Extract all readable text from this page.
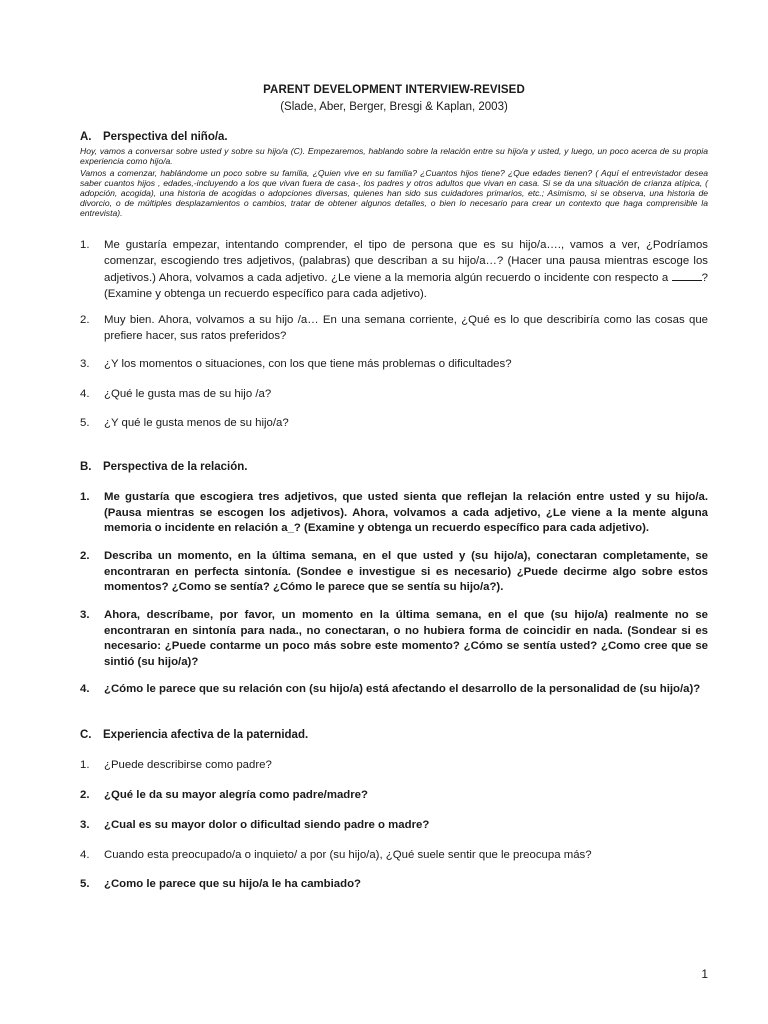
PARENT DEVELOPMENT INTERVIEW-REVISED
(Slade, Aber, Berger, Bresgi & Kaplan, 2003)
A. Perspectiva del niño/a.
Hoy, vamos a conversar sobre usted y sobre su hijo/a (C). Empezaremos, hablando sobre la relación entre su hijo/a y usted, y luego, un poco acerca de su propia experiencia como hijo/a.
Vamos a comenzar, hablándome un poco sobre su familia, ¿Quien vive en su familia? ¿Cuantos hijos tiene? ¿Que edades tienen? ( Aquí el entrevistador desea saber cuantos hijos , edades,-incluyendo a los que vivan fuera de casa-, los padres y otros adultos que vivan en casa. Si se da una situación de crianza atípica, ( adopción, acogida), una historia de acogidas o adopciones diversas, quienes han sido sus cuidadores primarios, etc.; Asimismo, si se observa, una historia de divorcio, o de múltiples desplazamientos o cambios, tratar de obtener algunos detalles, o bien lo necesario para crear un contexto que haga comprensible la entrevista).
1.	Me gustaría empezar, intentando comprender, el tipo de persona que es su hijo/a…., vamos a ver, ¿Podríamos comenzar, escogiendo tres adjetivos, (palabras) que describan a su hijo/a…? (Hacer una pausa mientras escoge los adjetivos.) Ahora, volvamos a cada adjetivo. ¿Le viene a la memoria algún recuerdo o incidente con respecto a	? (Examine y obtenga un recuerdo específico para cada adjetivo).
2.	Muy bien. Ahora, volvamos a su hijo /a… En una semana corriente, ¿Qué es lo que describiría como las cosas que prefiere hacer, sus ratos preferidos?
3.	¿Y los momentos o situaciones, con los que tiene más problemas o dificultades?
4.	¿Qué le gusta mas de su hijo /a?
5.	¿Y qué le gusta menos de su hijo/a?
B. Perspectiva de la relación.
1.	Me gustaría que escogiera tres adjetivos, que usted sienta que reflejan la relación entre usted y su hijo/a. (Pausa mientras se escogen los adjetivos). Ahora, volvamos a cada adjetivo, ¿Le viene a la mente alguna memoria o incidente en relación a_? (Examine y obtenga un recuerdo específico para cada adjetivo).
2.	Describa un momento, en la última semana, en el que usted y (su hijo/a), conectaran completamente, se encontraran en perfecta sintonía. (Sondee e investigue si es necesario) ¿Puede decirme algo sobre estos momentos? ¿Como se sentía? ¿Cómo le parece que se sentía su hijo/a?).
3.	Ahora, descríbame, por favor, un momento en la última semana, en el que (su hijo/a) realmente no se encontraran en sintonía para nada., no conectaran, o no hubiera forma de coincidir en nada. (Sondear si es necesario: ¿Puede contarme un poco más sobre este momento? ¿Cómo se sentía usted? ¿Como cree que se sintió (su hijo/a)?
4.	¿Cómo le parece que su relación con (su hijo/a) está afectando el desarrollo de la personalidad de (su hijo/a)?
C. Experiencia afectiva de la paternidad.
1.	¿Puede describirse como padre?
2.	¿Qué le da su mayor alegría como padre/madre?
3.	¿Cual es su mayor dolor o dificultad siendo padre o madre?
4.	Cuando esta preocupado/a o inquieto/ a por (su hijo/a), ¿Qué suele sentir que le preocupa más?
5.	¿Como le parece que su hijo/a le ha cambiado?
1
